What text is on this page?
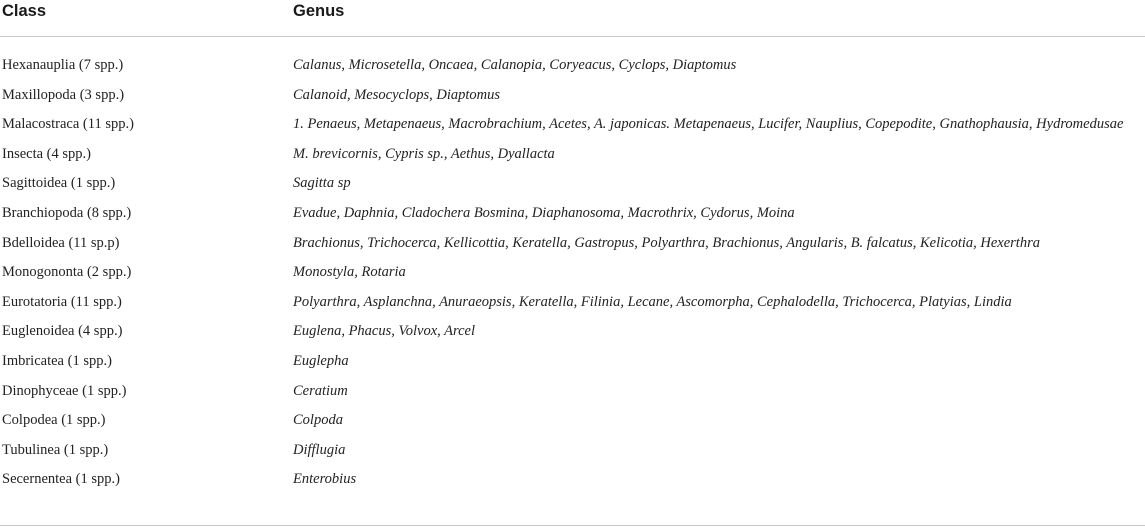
Class	Genus
Hexanauplia (7 spp.)	Calanus, Microsetella, Oncaea, Calanopia, Coryeacus, Cyclops, Diaptomus
Maxillopoda (3 spp.)	Calanoid, Mesocyclops, Diaptomus
Malacostraca (11 spp.)	1. Penaeus, Metapenaeus, Macrobrachium, Acetes, A. japonicas. Metapenaeus, Lucifer, Nauplius, Copepodite, Gnathophausia, Hydromedusae
Insecta (4 spp.)	M. brevicornis, Cypris sp., Aethus, Dyallacta
Sagittoidea (1 spp.)	Sagitta sp
Branchiopoda (8 spp.)	Evadue, Daphnia, Cladochera Bosmina, Diaphanosoma, Macrothrix, Cydorus, Moina
Bdelloidea (11 sp.p)	Brachionus, Trichocerca, Kellicottia, Keratella, Gastropus, Polyarthra, Brachionus, Angularis, B. falcatus, Kelicotia, Hexerthra
Monogononta (2 spp.)	Monostyla, Rotaria
Eurotatoria (11 spp.)	Polyarthra, Asplanchna, Anuraeopsis, Keratella, Filinia, Lecane, Ascomorpha, Cephalodella, Trichocerca, Platyias, Lindia
Euglenoidea (4 spp.)	Euglena, Phacus, Volvox, Arcel
Imbricatea (1 spp.)	Euglepha
Dinophyceae (1 spp.)	Ceratium
Colpodea (1 spp.)	Colpoda
Tubulinea (1 spp.)	Difflugia
Secernentea (1 spp.)	Enterobius
